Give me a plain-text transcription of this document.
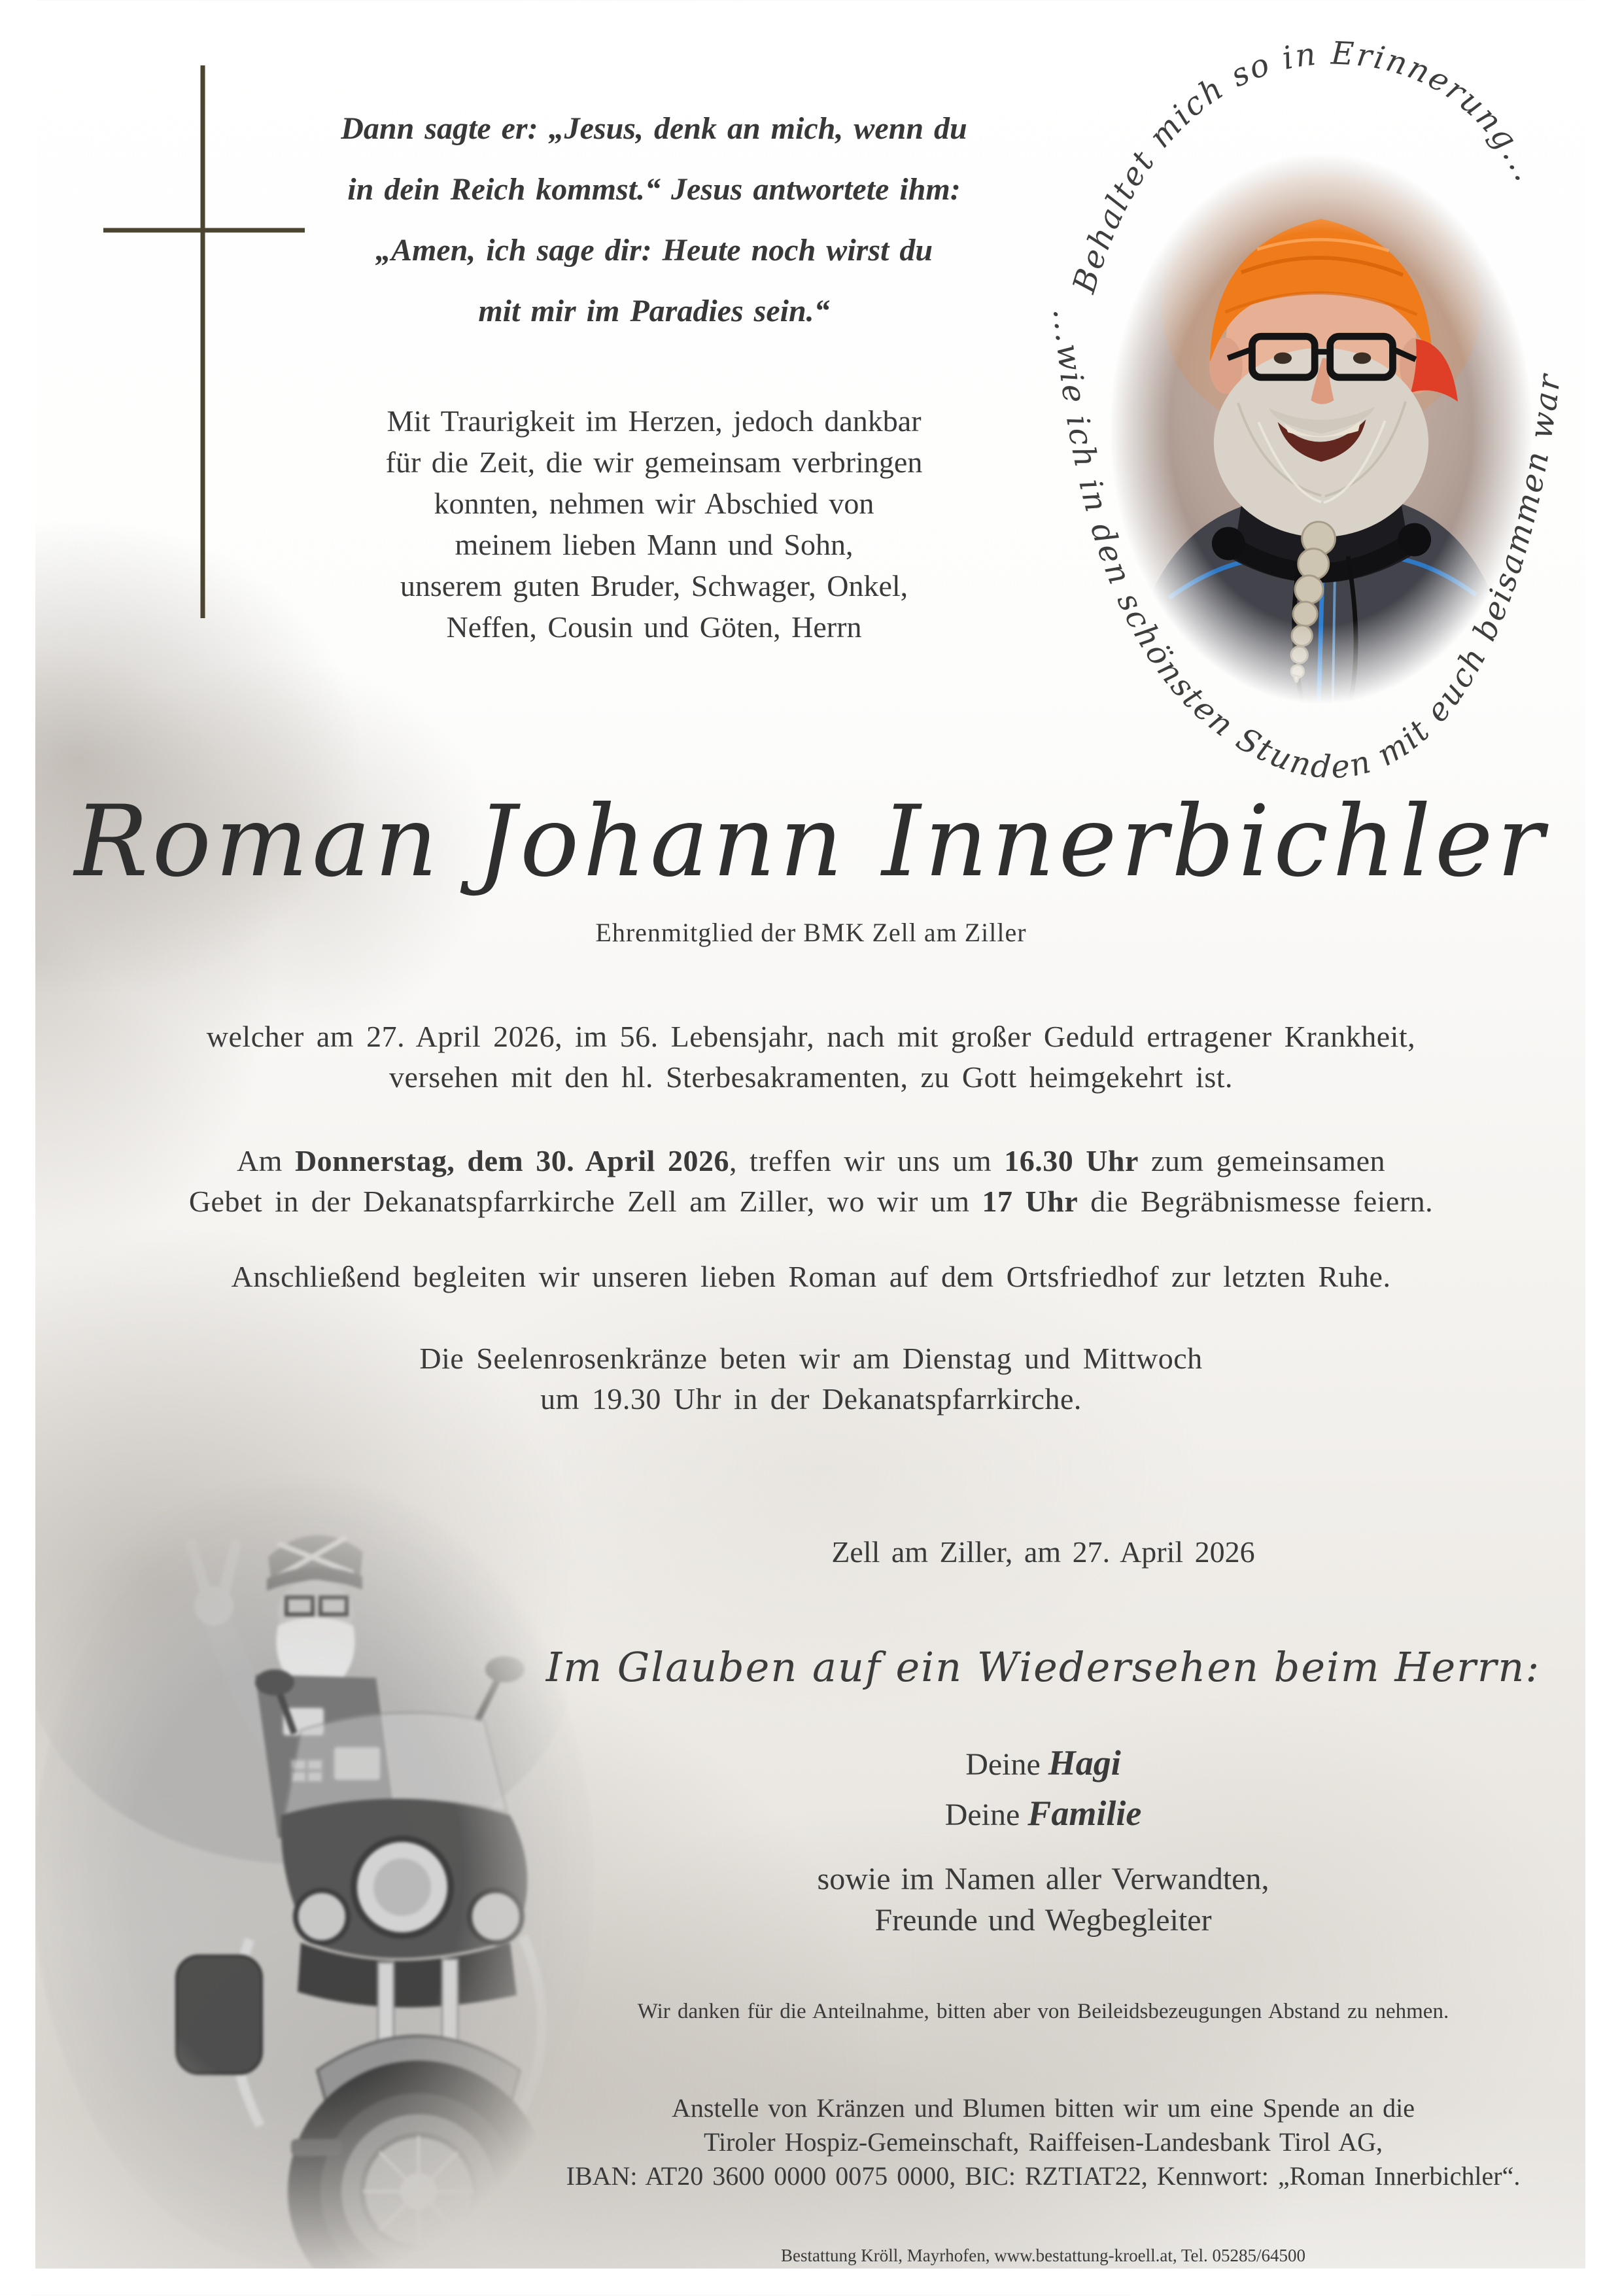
Behaltet mich so in Erinnerung...
...wie ich in den schönsten Stunden mit euch beisammen war
Dann sagte er: „Jesus, denk an mich, wenn du
in dein Reich kommst.“ Jesus antwortete ihm:
„Amen, ich sage dir: Heute noch wirst du
mit mir im Paradies sein.“
Mit Traurigkeit im Herzen, jedoch dankbar
für die Zeit, die wir gemeinsam verbringen
konnten, nehmen wir Abschied von
meinem lieben Mann und Sohn,
unserem guten Bruder, Schwager, Onkel,
Neffen, Cousin und Göten, Herrn
Roman Johann Innerbichler
Ehrenmitglied der BMK Zell am Ziller
welcher am 27. April 2026, im 56. Lebensjahr, nach mit großer Geduld ertragener Krankheit,
versehen mit den hl. Sterbesakramenten, zu Gott heimgekehrt ist.
Am Donnerstag, dem 30. April 2026, treffen wir uns um 16.30 Uhr zum gemeinsamen
Gebet in der Dekanatspfarrkirche Zell am Ziller, wo wir um 17 Uhr die Begräbnismesse feiern.
Anschließend begleiten wir unseren lieben Roman auf dem Ortsfriedhof zur letzten Ruhe.
Die Seelenrosenkränze beten wir am Dienstag und Mittwoch
um 19.30 Uhr in der Dekanatspfarrkirche.
Zell am Ziller, am 27. April 2026
Im Glauben auf ein Wiedersehen beim Herrn:
Deine Hagi
Deine Familie
sowie im Namen aller Verwandten,
Freunde und Wegbegleiter
Wir danken für die Anteilnahme, bitten aber von Beileidsbezeugungen Abstand zu nehmen.
Anstelle von Kränzen und Blumen bitten wir um eine Spende an die
Tiroler Hospiz-Gemeinschaft, Raiffeisen-Landesbank Tirol AG,
IBAN: AT20 3600 0000 0075 0000, BIC: RZTIAT22, Kennwort: „Roman Innerbichler“.
Bestattung Kröll, Mayrhofen, www.bestattung-kroell.at, Tel. 05285/64500
